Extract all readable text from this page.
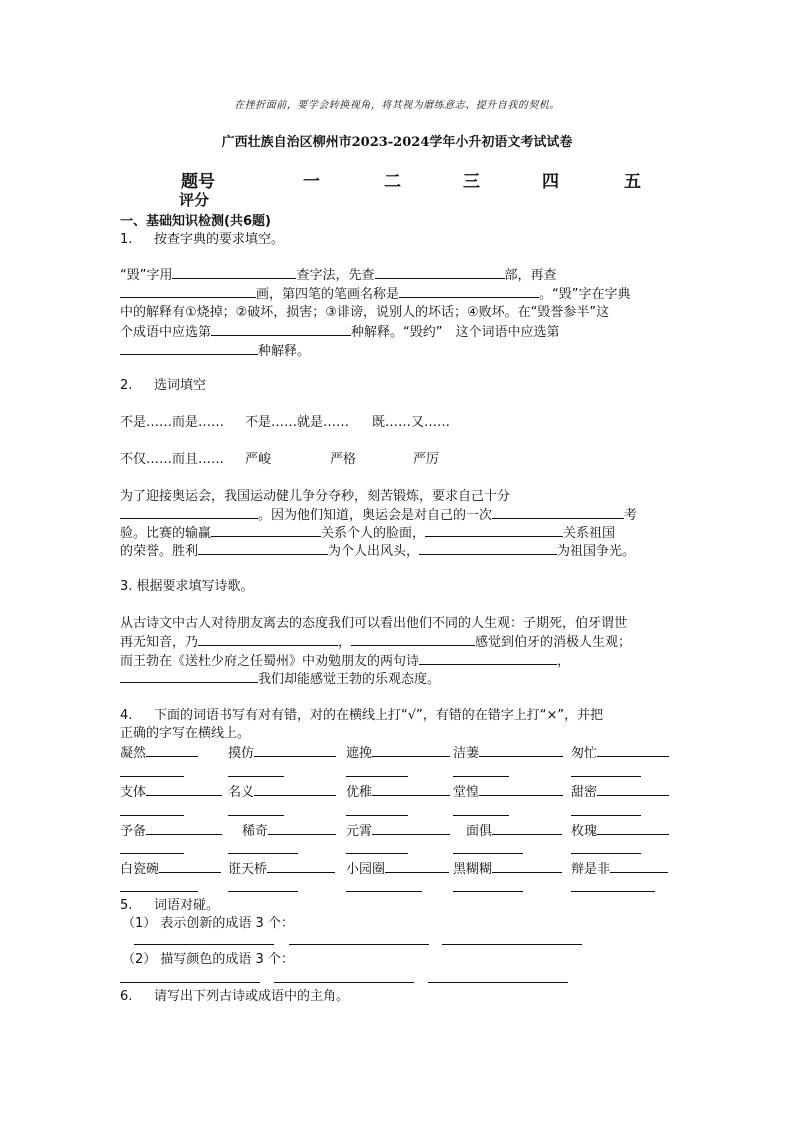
在挫折面前，要学会转换视角，将其视为磨练意志、提升自我的契机。
广西壮族自治区柳州市2023-2024学年小升初语文考试试卷
题号	一	二	三	四	五
评分
一、基础知识检测(共6题)
1. 按查字典的要求填空。
“毁”字用	查字法，先查	部，再查
画，第四笔的笔画名称是	。“毁”字在字典
中的解释有①烧掉；②破坏，损害；③诽谤，说别人的坏话；④败坏。在“毁誉参半”这
个成语中应选第	种解释。“毁约”　这个词语中应选第
种解释。
2. 选词填空
不是……而是…… 不是……就是…… 既……又……
不仅……而且…… 严峻	严格	严厉
为了迎接奥运会，我国运动健儿争分夺秒，刻苦锻炼，要求自己十分
。因为他们知道，奥运会是对自己的一次	考
验。比赛的输赢	关系个人的脸面，	关系祖国
的荣誉。胜利	为个人出风头，	为祖国争光。
3. 根据要求填写诗歌。
从古诗文中古人对待朋友离去的态度我们可以看出他们不同的人生观：子期死，伯牙谓世
再无知音，乃	，	感觉到伯牙的消极人生观；
而王勃在《送杜少府之任蜀州》中劝勉朋友的两句诗	，
我们却能感觉王勃的乐观态度。
4. 下面的词语书写有对有错，对的在横线上打“√”，有错的在错字上打“×”，并把
正确的字写在横线上。
凝然	摸仿	遮挽	洁萋	匆忙
支体	名义	优稚	堂惶	甜密
予备	稀奇	元霄	面俱	枚瑰
白瓷碗	诳天桥	小园圈	黑糊糊	辩是非
5. 词语对碰。
（1） 表示创新的成语 3 个：
（2） 描写颜色的成语 3 个：
6. 请写出下列古诗或成语中的主角。
